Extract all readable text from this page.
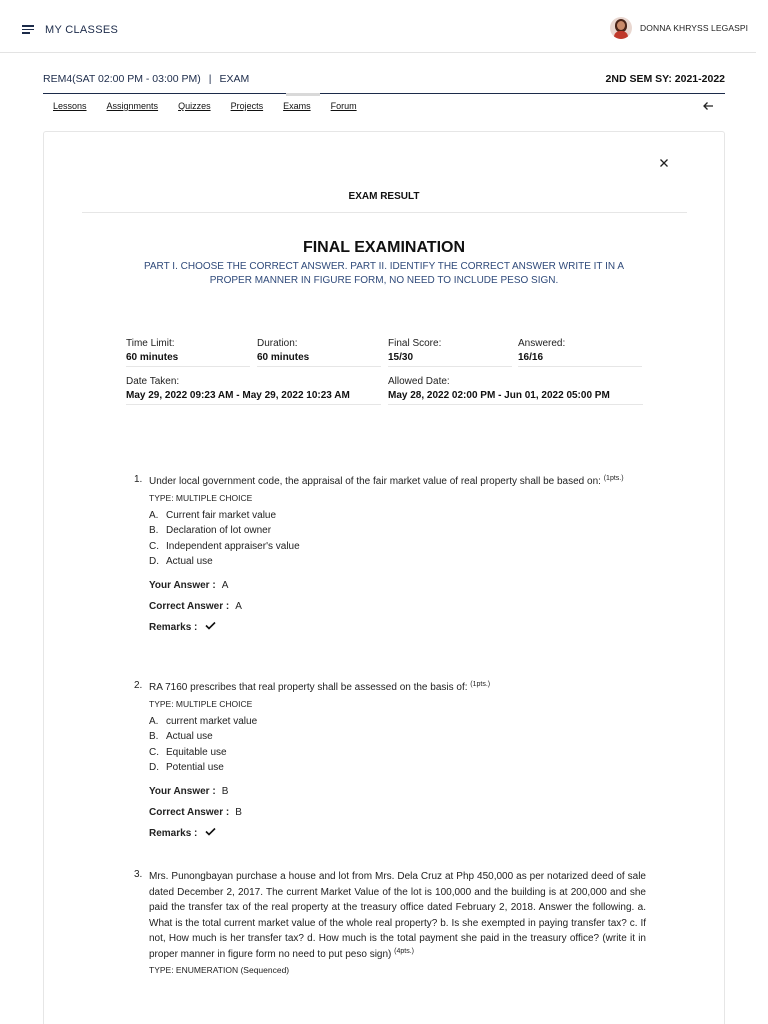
MY CLASSES	DONNA KHRYSS LEGASPI
REM4(SAT 02:00 PM - 03:00 PM) | EXAM	2ND SEM SY: 2021-2022
Lessons Assignments Quizzes Projects Exams Forum
EXAM RESULT
FINAL EXAMINATION
PART I. CHOOSE THE CORRECT ANSWER. PART II. IDENTIFY THE CORRECT ANSWER WRITE IT IN A PROPER MANNER IN FIGURE FORM, NO NEED TO INCLUDE PESO SIGN.
Time Limit:
60 minutes
Duration:
60 minutes
Final Score:
15/30
Answered:
16/16
Date Taken:
May 29, 2022 09:23 AM - May 29, 2022 10:23 AM
Allowed Date:
May 28, 2022 02:00 PM - Jun 01, 2022 05:00 PM
1. Under local government code, the appraisal of the fair market value of real property shall be based on: $^{(1pts.)}$
TYPE: MULTIPLE CHOICE
A. Current fair market value
B. Declaration of lot owner
C. Independent appraiser's value
D. Actual use
Your Answer : A
Correct Answer : A
Remarks :
2. RA 7160 prescribes that real property shall be assessed on the basis of: $^{(1pts.)}$
TYPE: MULTIPLE CHOICE
A. current market value
B. Actual use
C. Equitable use
D. Potential use
Your Answer : B
Correct Answer : B
Remarks :
3. Mrs. Punongbayan purchase a house and lot from Mrs. Dela Cruz at Php 450,000 as per notarized deed of sale dated December 2, 2017. The current Market Value of the lot is 100,000 and the building is at 200,000 and she paid the transfer tax of the real property at the treasury office dated February 2, 2018. Answer the following. a. What is the total current market value of the whole real property? b. Is she exempted in paying transfer tax? c. If not, How much is her transfer tax? d. How much is the total payment she paid in the treasury office? (write it in proper manner in figure form no need to put peso sign) $^{(4pts.)}$
TYPE: ENUMERATION (Sequenced)
